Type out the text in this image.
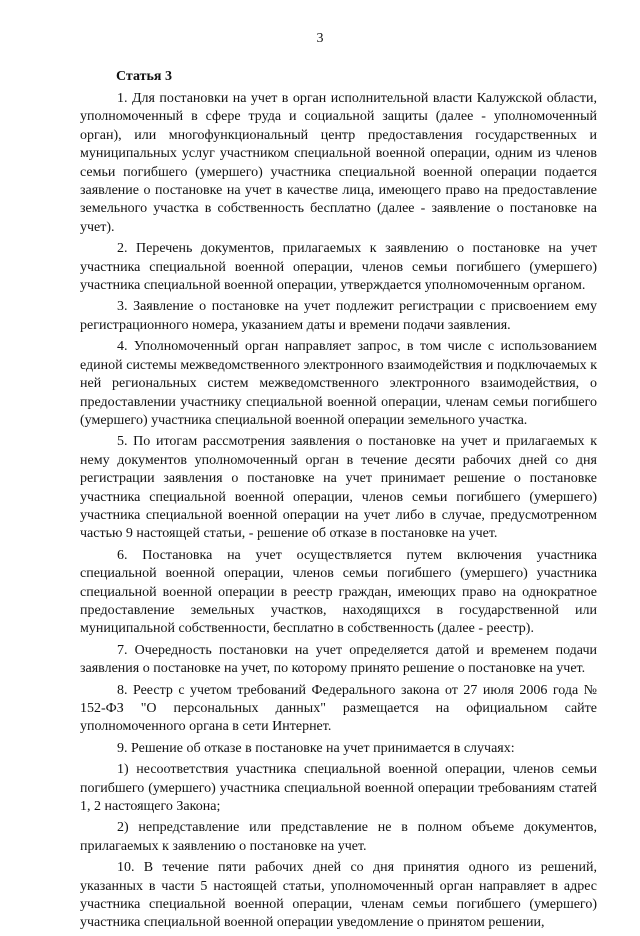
3
Статья 3

1. Для постановки на учет в орган исполнительной власти Калужской области, уполномоченный в сфере труда и социальной защиты (далее - уполномоченный орган), или многофункциональный центр предоставления государственных и муниципальных услуг участником специальной военной операции, одним из членов семьи погибшего (умершего) участника специальной военной операции подается заявление о постановке на учет в качестве лица, имеющего право на предоставление земельного участка в собственность бесплатно (далее - заявление о постановке на учет).

2. Перечень документов, прилагаемых к заявлению о постановке на учет участника специальной военной операции, членов семьи погибшего (умершего) участника специальной военной операции, утверждается уполномоченным органом.

3. Заявление о постановке на учет подлежит регистрации с присвоением ему регистрационного номера, указанием даты и времени подачи заявления.

4. Уполномоченный орган направляет запрос, в том числе с использованием единой системы межведомственного электронного взаимодействия и подключаемых к ней региональных систем межведомственного электронного взаимодействия, о предоставлении участнику специальной военной операции, членам семьи погибшего (умершего) участника специальной военной операции земельного участка.

5. По итогам рассмотрения заявления о постановке на учет и прилагаемых к нему документов уполномоченный орган в течение десяти рабочих дней со дня регистрации заявления о постановке на учет принимает решение о постановке участника специальной военной операции, членов семьи погибшего (умершего) участника специальной военной операции на учет либо в случае, предусмотренном частью 9 настоящей статьи, - решение об отказе в постановке на учет.

6. Постановка на учет осуществляется путем включения участника специальной военной операции, членов семьи погибшего (умершего) участника специальной военной операции в реестр граждан, имеющих право на однократное предоставление земельных участков, находящихся в государственной или муниципальной собственности, бесплатно в собственность (далее - реестр).

7. Очередность постановки на учет определяется датой и временем подачи заявления о постановке на учет, по которому принято решение о постановке на учет.

8. Реестр с учетом требований Федерального закона от 27 июля 2006 года № 152-ФЗ "О персональных данных" размещается на официальном сайте уполномоченного органа в сети Интернет.

9. Решение об отказе в постановке на учет принимается в случаях:

1) несоответствия участника специальной военной операции, членов семьи погибшего (умершего) участника специальной военной операции требованиям статей 1, 2 настоящего Закона;

2) непредставление или представление не в полном объеме документов, прилагаемых к заявлению о постановке на учет.

10. В течение пяти рабочих дней со дня принятия одного из решений, указанных в части 5 настоящей статьи, уполномоченный орган направляет в адрес участника специальной военной операции, членам семьи погибшего (умершего) участника специальной военной операции уведомление о принятом решении,
